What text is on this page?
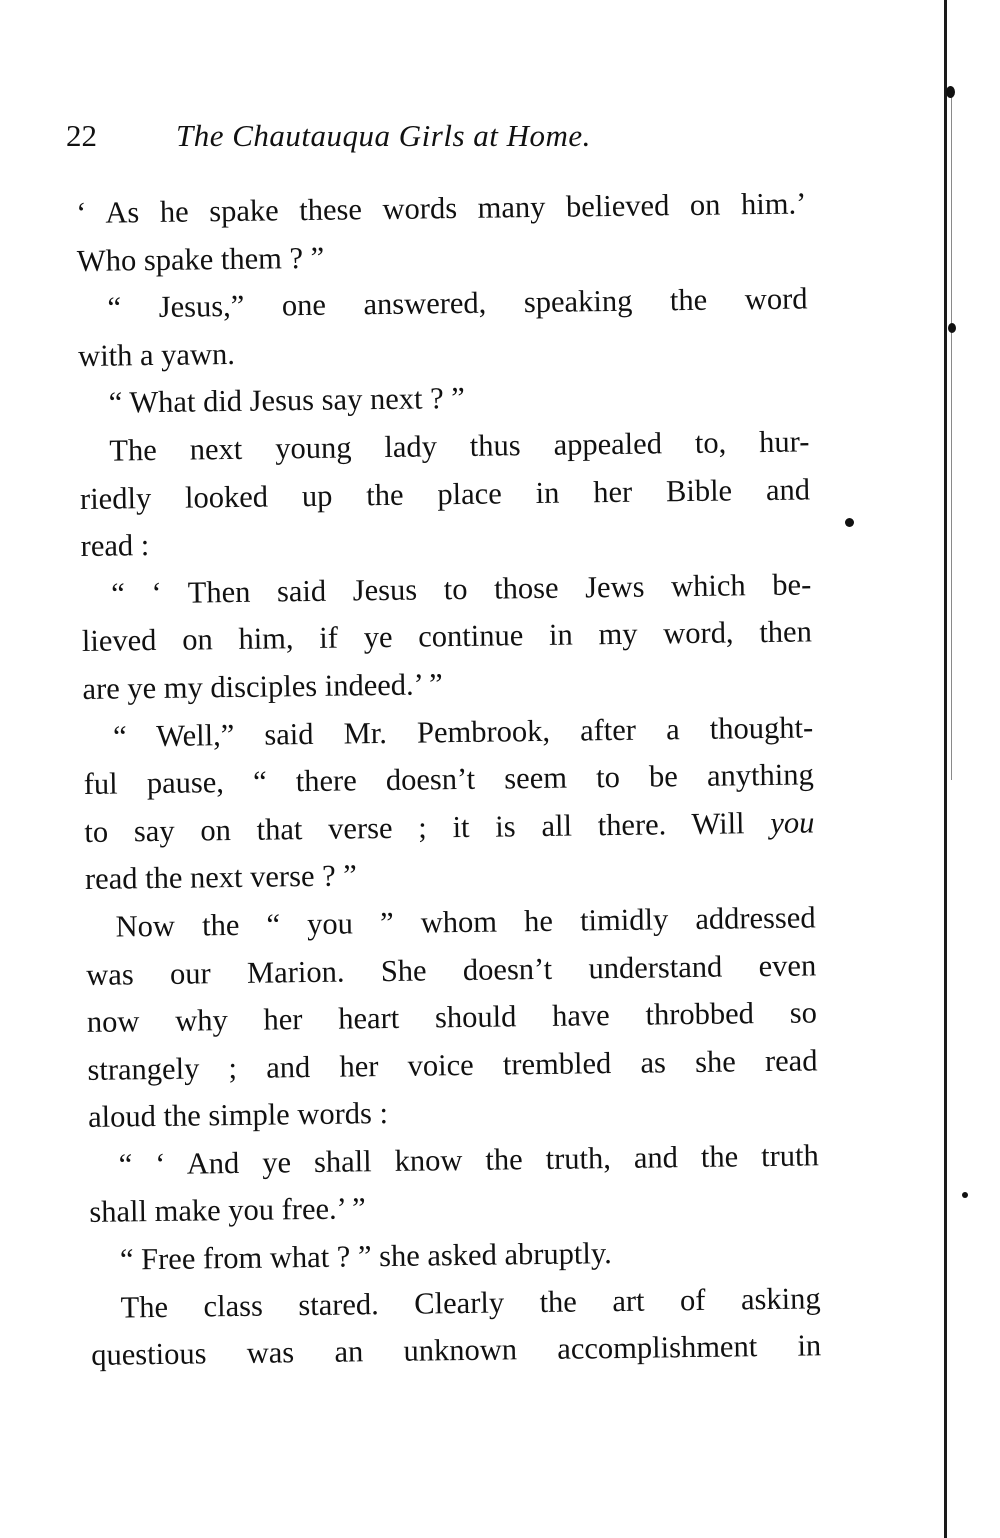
22	The Chautauqua Girls at Home.
‘ As he spake these words many believed on him.’
Who spake them ? ”
“ Jesus,” one answered, speaking the word
with a yawn.
“ What did Jesus say next ? ”
The next young lady thus appealed to, hur-
riedly looked up the place in her Bible and
read :
“ ‘ Then said Jesus to those Jews which be-
lieved on him, if ye continue in my word, then
are ye my disciples indeed.’ ”
“ Well,” said Mr. Pembrook, after a thought-
ful pause, “ there doesn’t seem to be anything
to say on that verse ; it is all there. Will you
read the next verse ? ”
Now the “ you ” whom he timidly addressed
was our Marion. She doesn’t understand even
now why her heart should have throbbed so
strangely ; and her voice trembled as she read
aloud the simple words :
“ ‘ And ye shall know the truth, and the truth
shall make you free.’ ”
“ Free from what ? ” she asked abruptly.
The class stared. Clearly the art of asking
questious was an unknown accomplishment in
